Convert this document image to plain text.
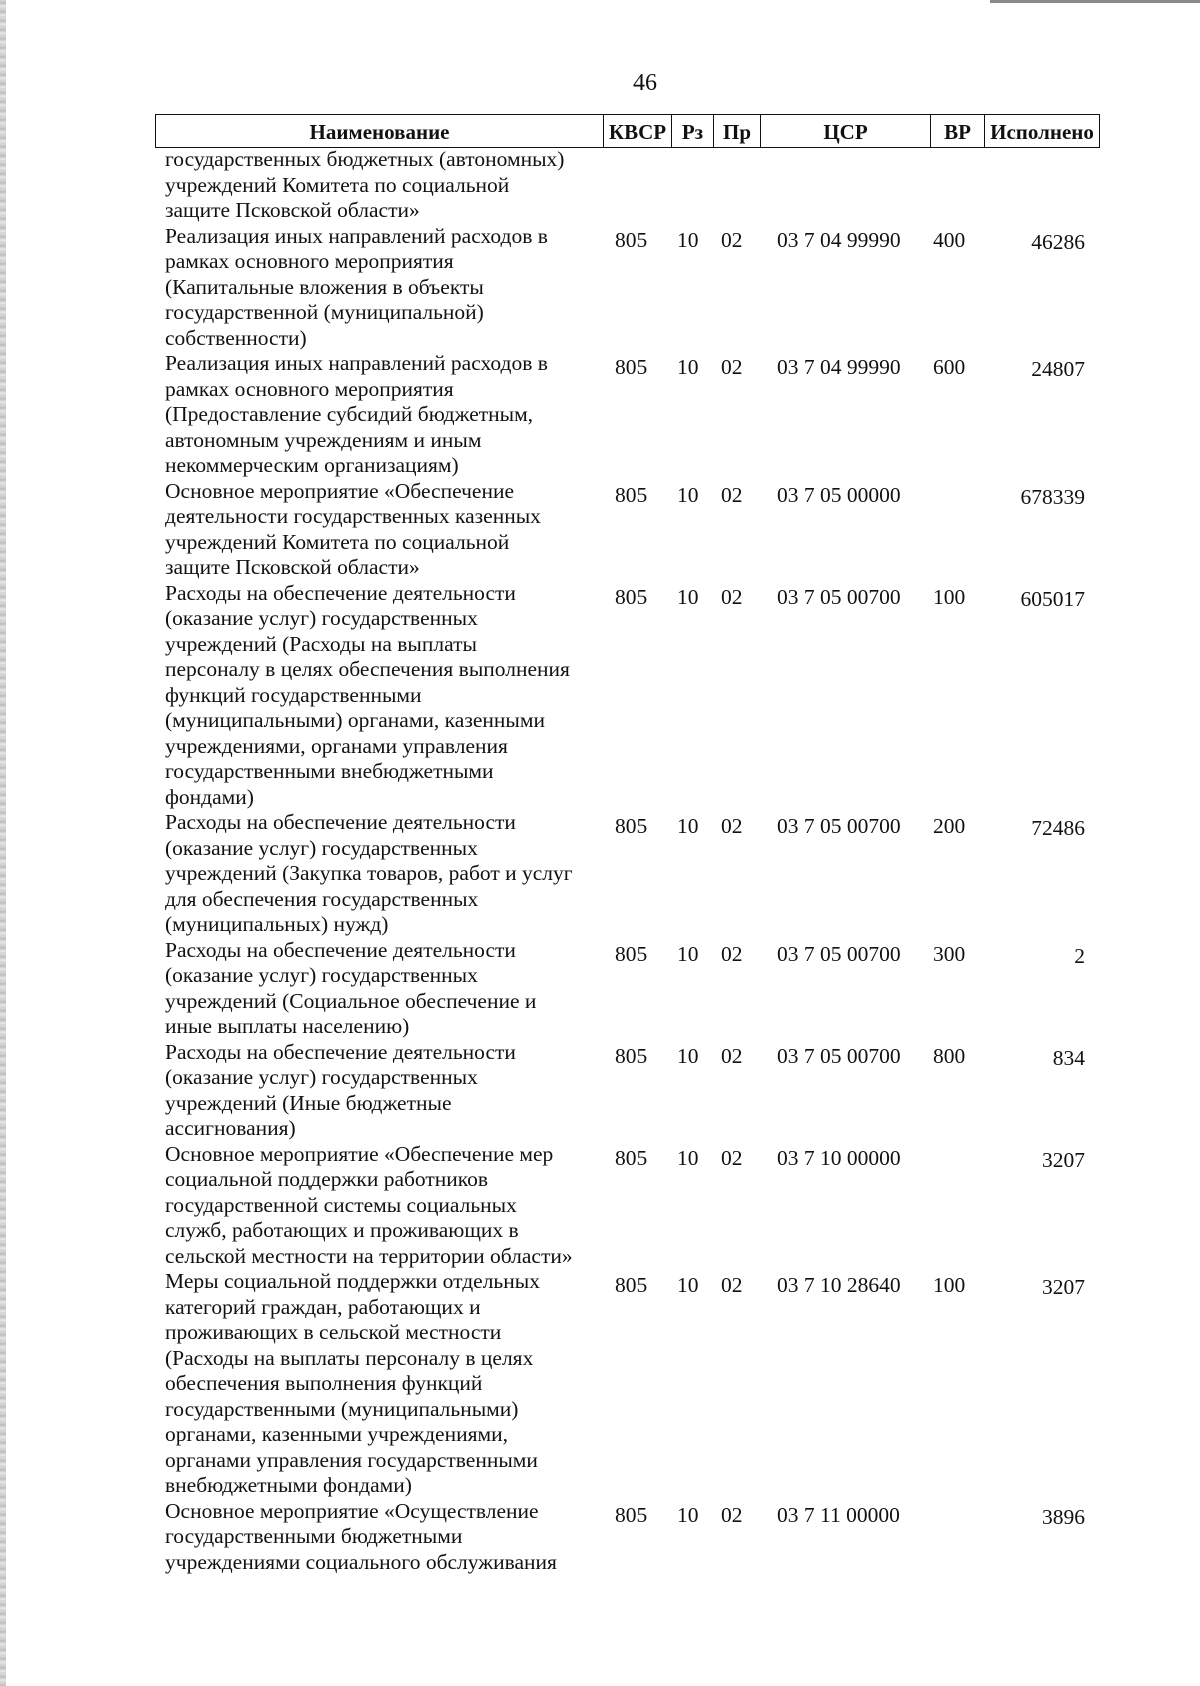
46
Наименование	КВСР Рз Пр	ЦСР	ВР Исполнено
государственных бюджетных (автономных)
учреждений Комитета по социальной
защите Псковской области»
Реализация иных направлений расходов в
рамках основного мероприятия
(Капитальные вложения в объекты
государственной (муниципальной)
собственности)
805 10 02 03 7 04 99990 400	46286
Реализация иных направлений расходов в
рамках основного мероприятия
(Предоставление субсидий бюджетным,
автономным учреждениям и иным
некоммерческим организациям)
805 10 02 03 7 04 99990 600	24807
Основное мероприятие «Обеспечение
деятельности государственных казенных
учреждений Комитета по социальной
защите Псковской области»
805 10 02 03 7 05 00000	678339
Расходы на обеспечение деятельности
(оказание услуг) государственных
учреждений (Расходы на выплаты
персоналу в целях обеспечения выполнения
функций государственными
(муниципальными) органами, казенными
учреждениями, органами управления
государственными внебюджетными
фондами)
805 10 02 03 7 05 00700 100	605017
Расходы на обеспечение деятельности
(оказание услуг) государственных
учреждений (Закупка товаров, работ и услуг
для обеспечения государственных
(муниципальных) нужд)
805 10 02 03 7 05 00700 200	72486
Расходы на обеспечение деятельности
(оказание услуг) государственных
учреждений (Социальное обеспечение и
иные выплаты населению)
805 10 02 03 7 05 00700 300	2
Расходы на обеспечение деятельности
(оказание услуг) государственных
учреждений (Иные бюджетные
ассигнования)
805 10 02 03 7 05 00700 800	834
Основное мероприятие «Обеспечение мер
социальной поддержки работников
государственной системы социальных
служб, работающих и проживающих в
сельской местности на территории области»
805 10 02 03 7 10 00000	3207
Меры социальной поддержки отдельных
категорий граждан, работающих и
проживающих в сельской местности
(Расходы на выплаты персоналу в целях
обеспечения выполнения функций
государственными (муниципальными)
органами, казенными учреждениями,
органами управления государственными
внебюджетными фондами)
805 10 02 03 7 10 28640 100	3207
Основное мероприятие «Осуществление
государственными бюджетными
учреждениями социального обслуживания
805 10 02 03 7 11 00000	3896
